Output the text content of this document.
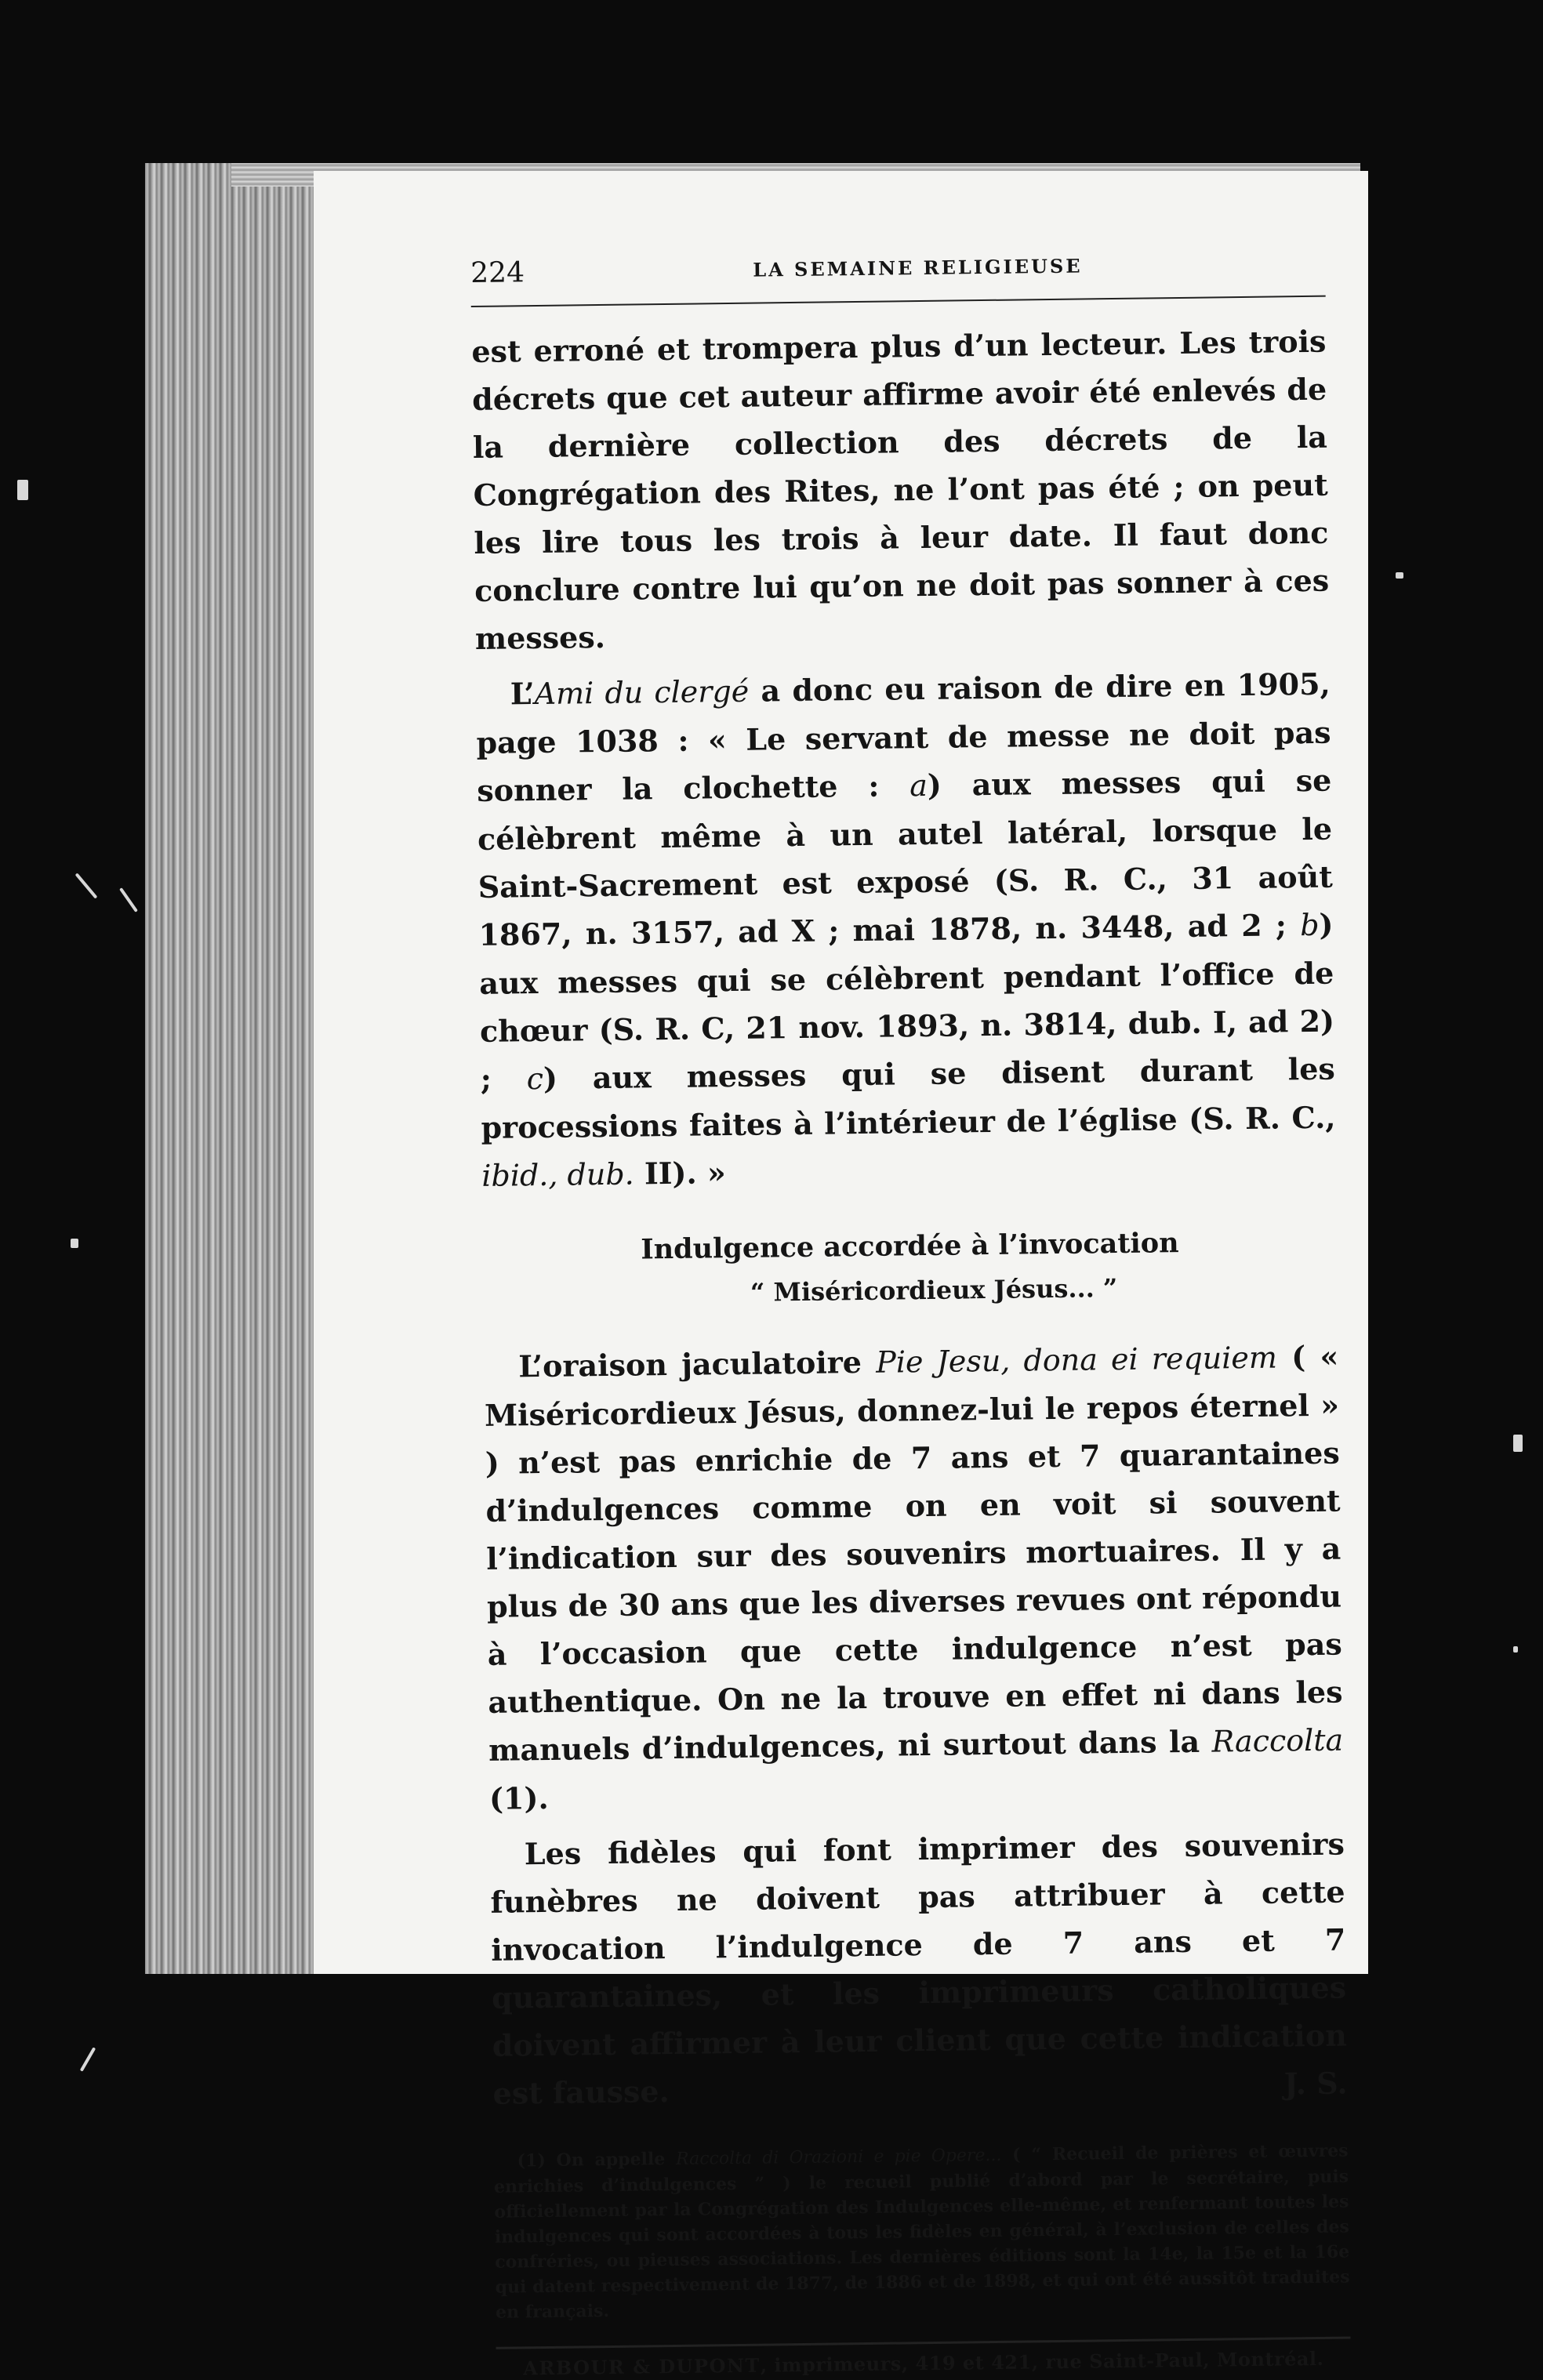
224	LA SEMAINE RELIGIEUSE

est erroné et trompera plus d’un lecteur. Les trois décrets que cet auteur affirme avoir été enlevés de la dernière collection des décrets de la Congrégation des Rites, ne l’ont pas été ; on peut les lire tous les trois à leur date. Il faut donc conclure contre lui qu’on ne doit pas sonner à ces messes.

L’Ami du clergé a donc eu raison de dire en 1905, page 1038 : « Le servant de messe ne doit pas sonner la clochette : a) aux messes qui se célèbrent même à un autel latéral, lorsque le Saint-Sacrement est exposé (S. R. C., 31 août 1867, n. 3157, ad X ; mai 1878, n. 3448, ad 2 ; b) aux messes qui se célèbrent pendant l’office de chœur (S. R. C, 21 nov. 1893, n. 3814, dub. I, ad 2) ; c) aux messes qui se disent durant les processions faites à l’intérieur de l’église (S. R. C., ibid., dub. II). »

Indulgence accordée à l’invocation
“ Miséricordieux Jésus... ”

L’oraison jaculatoire Pie Jesu, dona ei requiem ( « Miséricordieux Jésus, donnez-lui le repos éternel » ) n’est pas enrichie de 7 ans et 7 quarantaines d’indulgences comme on en voit si souvent l’indication sur des souvenirs mortuaires. Il y a plus de 30 ans que les diverses revues ont répondu à l’occasion que cette indulgence n’est pas authentique. On ne la trouve en effet ni dans les manuels d’indulgences, ni surtout dans la Raccolta (1).

Les fidèles qui font imprimer des souvenirs funèbres ne doivent pas attribuer à cette invocation l’indulgence de 7 ans et 7 quarantaines, et les imprimeurs catholiques doivent affirmer à leur client que cette indication est fausse.	J. S.

(1) On appelle Raccolta di Orazioni e pie Opere... ( “ Recueil de prières et œuvres enrichies d’indulgences ” ) le recueil publié d’abord par le secrétaire, puis officiellement par la Congrégation des Indulgences elle-même, et renfermant toutes les indulgences qui sont accordées à tous les fidèles en général, à l’exclusion de celles des confréries, ou pieuses associations. Les dernières éditions sont la 14e, la 15e et la 16e qui datent respectivement de 1877, de 1886 et de 1898, et qui ont été aussitôt traduites en français.

ARBOUR & DUPONT, imprimeurs, 419 et 421, rue Saint-Paul, Montréal.
